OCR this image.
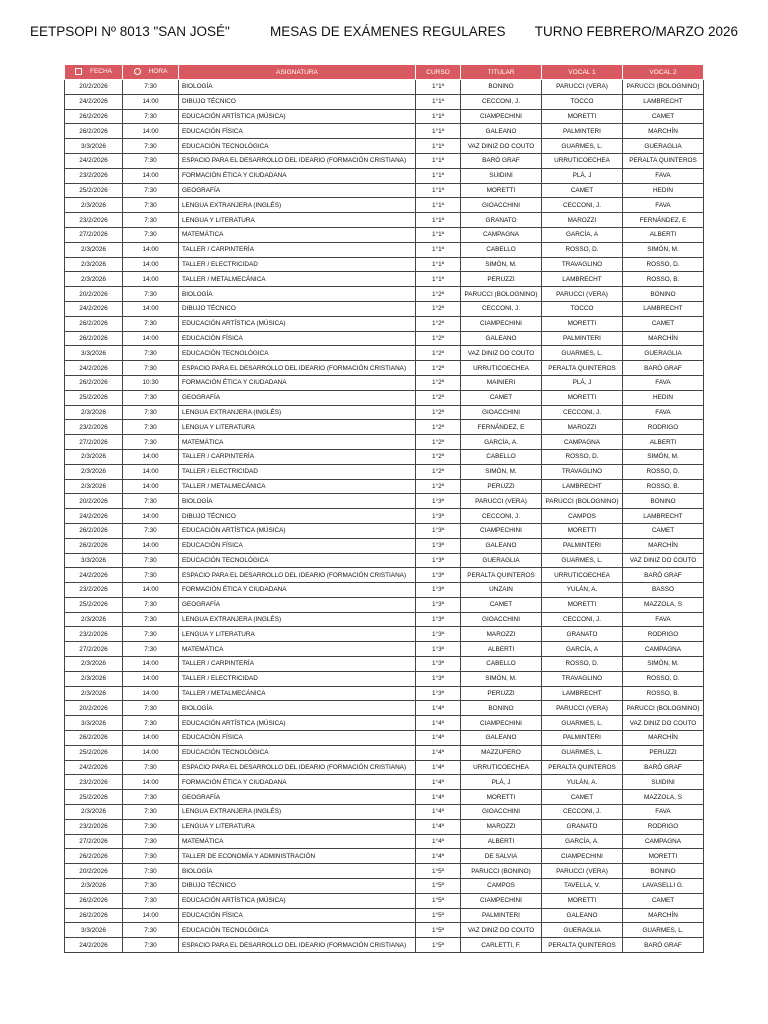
EETPSOPI Nº 8013 "SAN JOSÉ"	MESAS DE EXÁMENES REGULARES TURNO FEBRERO/MARZO 2026
FECHA	HORA	ASIGNATURA	CURSO	TITULAR	VOCAL 1	VOCAL 2
20/2/2026	7:30	BIOLOGÍA	1°1ª	BONINO	PARUCCI (VERA)	PARUCCI (BOLOGNINO)
24/2/2026	14:00	DIBUJO TÉCNICO	1°1ª	CECCONI, J.	TOCCO	LAMBRECHT
26/2/2026	7:30	EDUCACIÓN ARTÍSTICA (MÚSICA)	1°1ª	CIAMPECHINI	MORETTI	CAMET
26/2/2026	14:00	EDUCACIÓN FÍSICA	1°1ª	GALEANO	PALMINTERI	MARCHÍN
3/3/2026	7:30	EDUCACIÓN TECNOLÓGICA	1°1ª	VAZ DINIZ DO COUTO	GUARMES, L.	GUERAGLIA
24/2/2026	7:30	ESPACIO PARA EL DESARROLLO DEL IDEARIO (FORMACIÓN CRISTIANA)	1°1ª	BARÓ GRAF	URRUTICOECHEA	PERALTA QUINTEROS
23/2/2026	14:00	FORMACIÓN ÉTICA Y CIUDADANA	1°1ª	SUIDINI	PLÁ, J	FAVA
25/2/2026	7:30	GEOGRAFÍA	1°1ª	MORETTI	CAMET	HEDIN
2/3/2026	7:30	LENGUA EXTRANJERA (INGLÉS)	1°1ª	GIOACCHINI	CECCONI, J.	FAVA
23/2/2026	7:30	LENGUA Y LITERATURA	1°1ª	GRANATO	MAROZZI	FERNÁNDEZ, E
27/2/2026	7:30	MATEMÁTICA	1°1ª	CAMPAGNA	GARCÍA, A	ALBERTI
2/3/2026	14:00	TALLER / CARPINTERÍA	1°1ª	CABELLO	ROSSO, D.	SIMÓN, M.
2/3/2026	14:00	TALLER / ELECTRICIDAD	1°1ª	SIMÓN, M.	TRAVAGLINO	ROSSO, D.
2/3/2026	14:00	TALLER / METALMECÁNICA	1°1ª	PERUZZI	LAMBRECHT	ROSSO, B.
20/2/2026	7:30	BIOLOGÍA	1°2ª	PARUCCI (BOLOGNINO)	PARUCCI (VERA)	BONINO
24/2/2026	14:00	DIBUJO TÉCNICO	1°2ª	CECCONI, J.	TOCCO	LAMBRECHT
26/2/2026	7:30	EDUCACIÓN ARTÍSTICA (MÚSICA)	1°2ª	CIAMPECHINI	MORETTI	CAMET
26/2/2026	14:00	EDUCACIÓN FÍSICA	1°2ª	GALEANO	PALMINTERI	MARCHÍN
3/3/2026	7:30	EDUCACIÓN TECNOLÓGICA	1°2ª	VAZ DINIZ DO COUTO	GUARMES, L.	GUERAGLIA
24/2/2026	7:30	ESPACIO PARA EL DESARROLLO DEL IDEARIO (FORMACIÓN CRISTIANA)	1°2ª	URRUTICOECHEA	PERALTA QUINTEROS	BARÓ GRAF
26/2/2026	10:30	FORMACIÓN ÉTICA Y CIUDADANA	1°2ª	MAINIERI	PLÁ, J	FAVA
25/2/2026	7:30	GEOGRAFÍA	1°2ª	CAMET	MORETTI	HEDIN
2/3/2026	7:30	LENGUA EXTRANJERA (INGLÉS)	1°2ª	GIOACCHINI	CECCONI, J.	FAVA
23/2/2026	7:30	LENGUA Y LITERATURA	1°2ª	FERNÁNDEZ, E	MAROZZI	RODRIGO
27/2/2026	7:30	MATEMÁTICA	1°2ª	GARCÍA, A.	CAMPAGNA	ALBERTI
2/3/2026	14:00	TALLER / CARPINTERÍA	1°2ª	CABELLO	ROSSO, D.	SIMÓN, M.
2/3/2026	14:00	TALLER / ELECTRICIDAD	1°2ª	SIMÓN, M.	TRAVAGLINO	ROSSO, D.
2/3/2026	14:00	TALLER / METALMECÁNICA	1°2ª	PERUZZI	LAMBRECHT	ROSSO, B.
20/2/2026	7:30	BIOLOGÍA	1°3ª	PARUCCI (VERA)	PARUCCI (BOLOGNINO)	BONINO
24/2/2026	14:00	DIBUJO TÉCNICO	1°3ª	CECCONI, J.	CAMPOS	LAMBRECHT
26/2/2026	7:30	EDUCACIÓN ARTÍSTICA (MÚSICA)	1°3ª	CIAMPECHINI	MORETTI	CAMET
26/2/2026	14:00	EDUCACIÓN FÍSICA	1°3ª	GALEANO	PALMINTERI	MARCHÍN
3/3/2026	7:30	EDUCACIÓN TECNOLÓGICA	1°3ª	GUERAGLIA	GUARMES, L.	VAZ DINIZ DO COUTO
24/2/2026	7:30	ESPACIO PARA EL DESARROLLO DEL IDEARIO (FORMACIÓN CRISTIANA)	1°3ª	PERALTA QUINTEROS	URRUTICOECHEA	BARÓ GRAF
23/2/2026	14:00	FORMACIÓN ÉTICA Y CIUDADANA	1°3ª	UNZAIN	YULÁN, A.	BASSO
25/2/2026	7:30	GEOGRAFÍA	1°3ª	CAMET	MORETTI	MAZZOLA, S
2/3/2026	7:30	LENGUA EXTRANJERA (INGLÉS)	1°3ª	GIOACCHINI	CECCONI, J.	FAVA
23/2/2026	7:30	LENGUA Y LITERATURA	1°3ª	MAROZZI	GRANATO	RODRIGO
27/2/2026	7:30	MATEMÁTICA	1°3ª	ALBERTI	GARCÍA, A	CAMPAGNA
2/3/2026	14:00	TALLER / CARPINTERÍA	1°3ª	CABELLO	ROSSO, D.	SIMÓN, M.
2/3/2026	14:00	TALLER / ELECTRICIDAD	1°3ª	SIMÓN, M.	TRAVAGLINO	ROSSO, D.
2/3/2026	14:00	TALLER / METALMECÁNICA	1°3ª	PERUZZI	LAMBRECHT	ROSSO, B.
20/2/2026	7:30	BIOLOGÍA	1°4ª	BONINO	PARUCCI (VERA)	PARUCCI (BOLOGNINO)
3/3/2026	7:30	EDUCACIÓN ARTÍSTICA (MÚSICA)	1°4ª	CIAMPECHINI	GUARMES, L.	VAZ DINIZ DO COUTO
26/2/2026	14:00	EDUCACIÓN FÍSICA	1°4ª	GALEANO	PALMINTERI	MARCHÍN
25/2/2026	14:00	EDUCACIÓN TECNOLÓGICA	1°4ª	MAZZUFERO	GUARMES, L.	PERUZZI
24/2/2026	7:30	ESPACIO PARA EL DESARROLLO DEL IDEARIO (FORMACIÓN CRISTIANA)	1°4ª	URRUTICOECHEA	PERALTA QUINTEROS	BARÓ GRAF
23/2/2026	14:00	FORMACIÓN ÉTICA Y CIUDADANA	1°4ª	PLÁ, J	YULÁN, A.	SUIDINI
25/2/2026	7:30	GEOGRAFÍA	1°4ª	MORETTI	CAMET	MAZZOLA, S
2/3/2026	7:30	LENGUA EXTRANJERA (INGLÉS)	1°4ª	GIOACCHINI	CECCONI, J.	FAVA
23/2/2026	7:30	LENGUA Y LITERATURA	1°4ª	MAROZZI	GRANATO	RODRIGO
27/2/2026	7:30	MATEMÁTICA	1°4ª	ALBERTI	GARCÍA, A.	CAMPAGNA
26/2/2026	7:30	TALLER DE ECONOMÍA Y ADMINISTRACIÓN	1°4ª	DE SALVIA	CIAMPECHINI	MORETTI
20/2/2026	7:30	BIOLOGÍA	1°5ª	PARUCCI (BONINO)	PARUCCI (VERA)	BONINO
2/3/2026	7:30	DIBUJO TÉCNICO	1°5ª	CAMPOS	TAVELLA, V.	LAVASELLI G.
26/2/2026	7:30	EDUCACIÓN ARTÍSTICA (MÚSICA)	1°5ª	CIAMPECHINI	MORETTI	CAMET
26/2/2026	14:00	EDUCACIÓN FÍSICA	1°5ª	PALMINTERI	GALEANO	MARCHÍN
3/3/2026	7:30	EDUCACIÓN TECNOLÓGICA	1°5ª	VAZ DINIZ DO COUTO	GUERAGLIA	GUARMES, L.
24/2/2026	7:30	ESPACIO PARA EL DESARROLLO DEL IDEARIO (FORMACIÓN CRISTIANA)	1°5ª	CARLETTI, F.	PERALTA QUINTEROS	BARÓ GRAF
